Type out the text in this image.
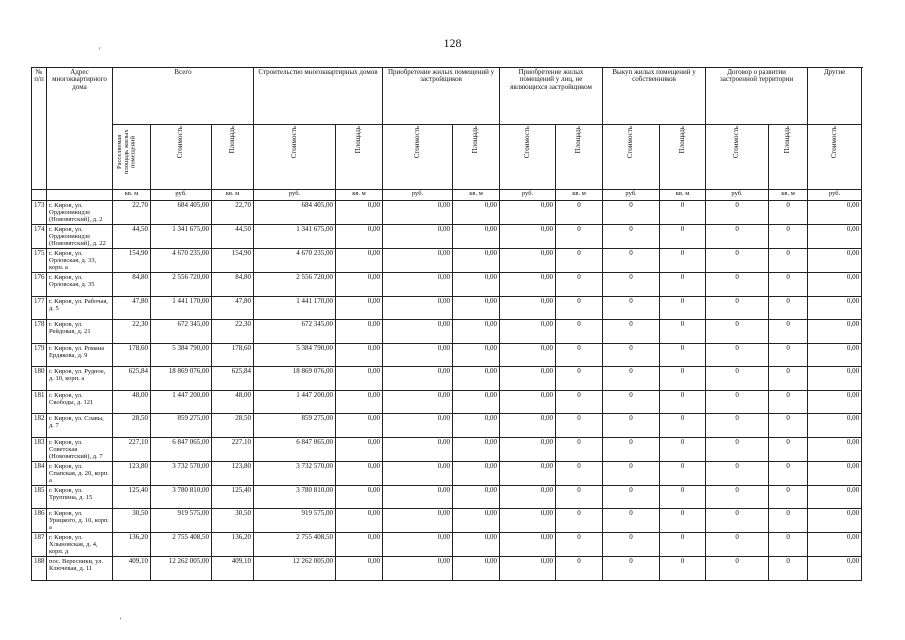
128
'
'
№ п/п	Адрес многоквартирного дома	Всего			Строительство многоквартирных домов		Приобретение жилых помещений у застройщиков		Приобретение жилых помещений у лиц, не являющихся застройщиком		Выкуп жилых помещений у собственников		Договор о развитии застроенной территории		Другие
		Расселяемая площадь жилых помещений	Стоимость	Площадь	Стоимость	Площадь	Стоимость	Площадь	Стоимость	Площадь	Стоимость	Площадь	Стоимость	Площадь	Стоимость
		кв. м	руб.	кв. м	руб.	кв. м	руб.	кв. м	руб.	кв. м	руб.	кв. м	руб.	кв. м	руб.
173	г. Киров, ул. Орджоникидзе (Нововятский), д. 2	22,70	684 405,00	22,70	684 405,00	0,00	0,00	0,00	0,00	0	0	0	0	0	0,00
174	г. Киров, ул. Орджоникидзе (Нововятский), д. 22	44,50	1 341 675,00	44,50	1 341 675,00	0,00	0,00	0,00	0,00	0	0	0	0	0	0,00
175	г. Киров, ул. Орловская, д. 33, корп. а	154,90	4 670 235,00	154,90	4 670 235,00	0,00	0,00	0,00	0,00	0	0	0	0	0	0,00
176	г. Киров, ул. Орловская, д. 35	84,80	2 556 720,00	84,80	2 556 720,00	0,00	0,00	0,00	0,00	0	0	0	0	0	0,00
177	г. Киров, ул. Рабочая, д. 5	47,80	1 441 170,00	47,80	1 441 170,00	0,00	0,00	0,00	0,00	0	0	0	0	0	0,00
178	г. Киров, ул. Рейдовая, д. 21	22,30	672 345,00	22,30	672 345,00	0,00	0,00	0,00	0,00	0	0	0	0	0	0,00
179	г. Киров, ул. Романа Ердякова, д. 9	178,60	5 384 790,00	178,60	5 384 790,00	0,00	0,00	0,00	0,00	0	0	0	0	0	0,00
180	г. Киров, ул. Рудное, д. 10, корп. а	625,84	18 869 076,00	625,84	18 869 076,00	0,00	0,00	0,00	0,00	0	0	0	0	0	0,00
181	г. Киров, ул. Свободы, д. 121	48,00	1 447 200,00	48,00	1 447 200,00	0,00	0,00	0,00	0,00	0	0	0	0	0	0,00
182	г. Киров, ул. Славы, д. 7	28,50	859 275,00	28,50	859 275,00	0,00	0,00	0,00	0,00	0	0	0	0	0	0,00
183	г. Киров, ул. Советская (Нововятский), д. 7	227,10	6 847 065,00	227,10	6 847 065,00	0,00	0,00	0,00	0,00	0	0	0	0	0	0,00
184	г. Киров, ул. Спапская, д. 20, корп. а	123,80	3 732 570,00	123,80	3 732 570,00	0,00	0,00	0,00	0,00	0	0	0	0	0	0,00
185	г. Киров, ул. Труппина, д. 15	125,40	3 780 810,00	125,40	3 780 810,00	0,00	0,00	0,00	0,00	0	0	0	0	0	0,00
186	г. Киров, ул. Урицкого, д. 10, корп. а	30,50	919 575,00	30,50	919 575,00	0,00	0,00	0,00	0,00	0	0	0	0	0	0,00
187	г. Киров, ул. Хлыновская, д. 4, корп. д	136,20	2 755 408,50	136,20	2 755 408,50	0,00	0,00	0,00	0,00	0	0	0	0	0	0,00
188	пос. Вересники, ул. Ключевая, д. 11	409,10	12 262 005,00	409,10	12 262 005,00	0,00	0,00	0,00	0,00	0	0	0	0	0	0,00
